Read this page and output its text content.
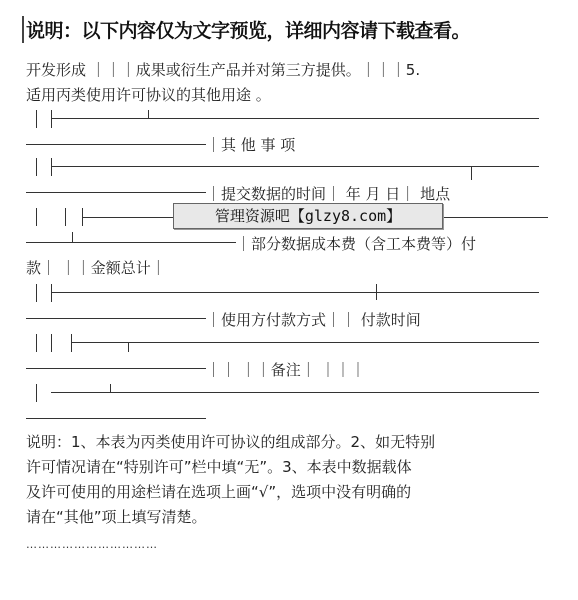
说明：以下内容仅为文字预览，详细内容请下载查看。
开发形成 ｜｜｜成果或衍生产品并对第三方提供。｜｜｜5.
适用丙类使用许可协议的其他用途 。
｜其 他 事 项
｜提交数据的时间｜ 年 月 日｜ 地点
｜部分数据成本费（含工本费等）付
款｜ ｜｜金额总计｜
管理资源吧【glzy8.com】
｜使用方付款方式｜｜ 付款时间
｜｜ ｜｜备注｜ ｜｜｜
说明：1、本表为丙类使用许可协议的组成部分。2、如无特别
许可情况请在“特别许可”栏中填“无”。3、本表中数据载体
及许可使用的用途栏请在选项上画“√”，选项中没有明确的
请在“其他”项上填写清楚。
……………………………
